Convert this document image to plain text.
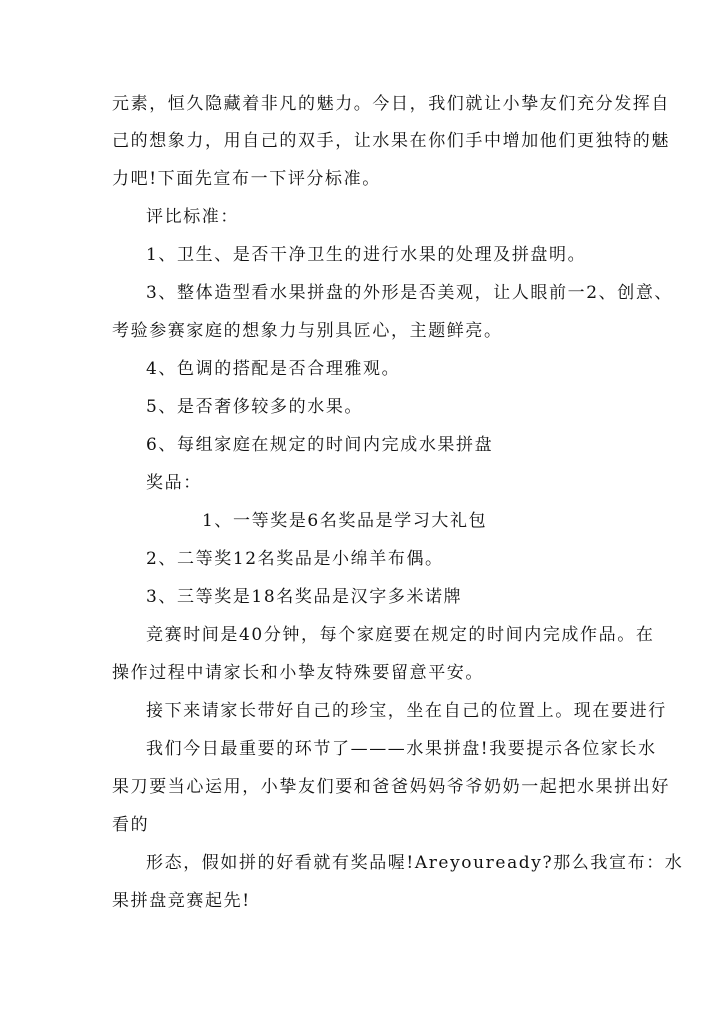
元素，恒久隐藏着非凡的魅力。今日，我们就让小挚友们充分发挥自
己的想象力，用自己的双手，让水果在你们手中增加他们更独特的魅
力吧!下面先宣布一下评分标准。
评比标准：
1、卫生、是否干净卫生的进行水果的处理及拼盘明。
3、整体造型看水果拼盘的外形是否美观，让人眼前一2、创意、
考验参赛家庭的想象力与别具匠心，主题鲜亮。
4、色调的搭配是否合理雅观。
5、是否奢侈较多的水果。
6、每组家庭在规定的时间内完成水果拼盘
奖品：
1、一等奖是6名奖品是学习大礼包
2、二等奖12名奖品是小绵羊布偶。
3、三等奖是18名奖品是汉字多米诺牌
竞赛时间是40分钟，每个家庭要在规定的时间内完成作品。在
操作过程中请家长和小挚友特殊要留意平安。
接下来请家长带好自己的珍宝，坐在自己的位置上。现在要进行
我们今日最重要的环节了———水果拼盘!我要提示各位家长水
果刀要当心运用，小挚友们要和爸爸妈妈爷爷奶奶一起把水果拼出好
看的
形态，假如拼的好看就有奖品喔!Areyouready?那么我宣布：水
果拼盘竞赛起先!
